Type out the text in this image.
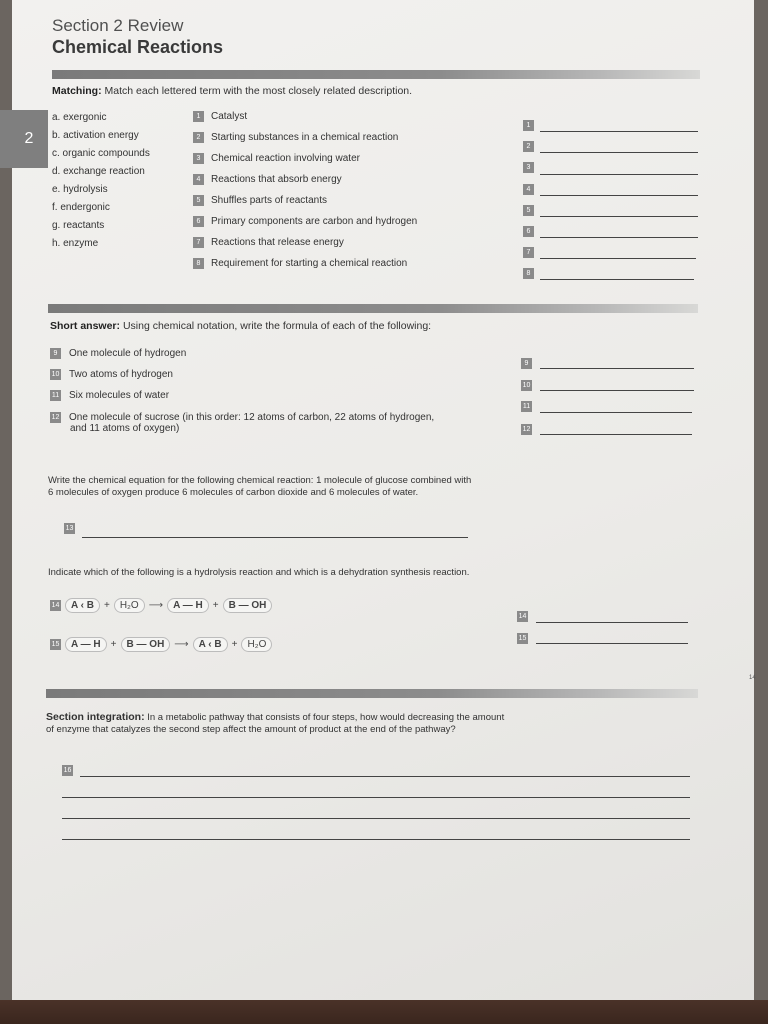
2
Section 2 Review
Chemical Reactions
Matching: Match each lettered term with the most closely related description.
a. exergonic
b. activation energy
c. organic compounds
d. exchange reaction
e. hydrolysis
f. endergonic
g. reactants
h. enzyme
1 Catalyst
2 Starting substances in a chemical reaction
3 Chemical reaction involving water
4 Reactions that absorb energy
5 Shuffles parts of reactants
6 Primary components are carbon and hydrogen
7 Reactions that release energy
8 Requirement for starting a chemical reaction
1
2
3
4
5
6
7
8
Short answer: Using chemical notation, write the formula of each of the following:
9 One molecule of hydrogen
10 Two atoms of hydrogen
11 Six molecules of water
12 One molecule of sucrose (in this order: 12 atoms of carbon, 22 atoms of hydrogen,
and 11 atoms of oxygen)
9
10
11
12
Write the chemical equation for the following chemical reaction: 1 molecule of glucose combined with
6 molecules of oxygen produce 6 molecules of carbon dioxide and 6 molecules of water.
13
Indicate which of the following is a hydrolysis reaction and which is a dehydration synthesis reaction.
14	A ‹ B	+	H₂O	⟶	A — H	+	B — OH
15	A — H	+	B — OH	⟶	A ‹ B	+	H₂O
14
15
14
Section integration: In a metabolic pathway that consists of four steps, how would decreasing the amount
of enzyme that catalyzes the second step affect the amount of product at the end of the pathway?
16
